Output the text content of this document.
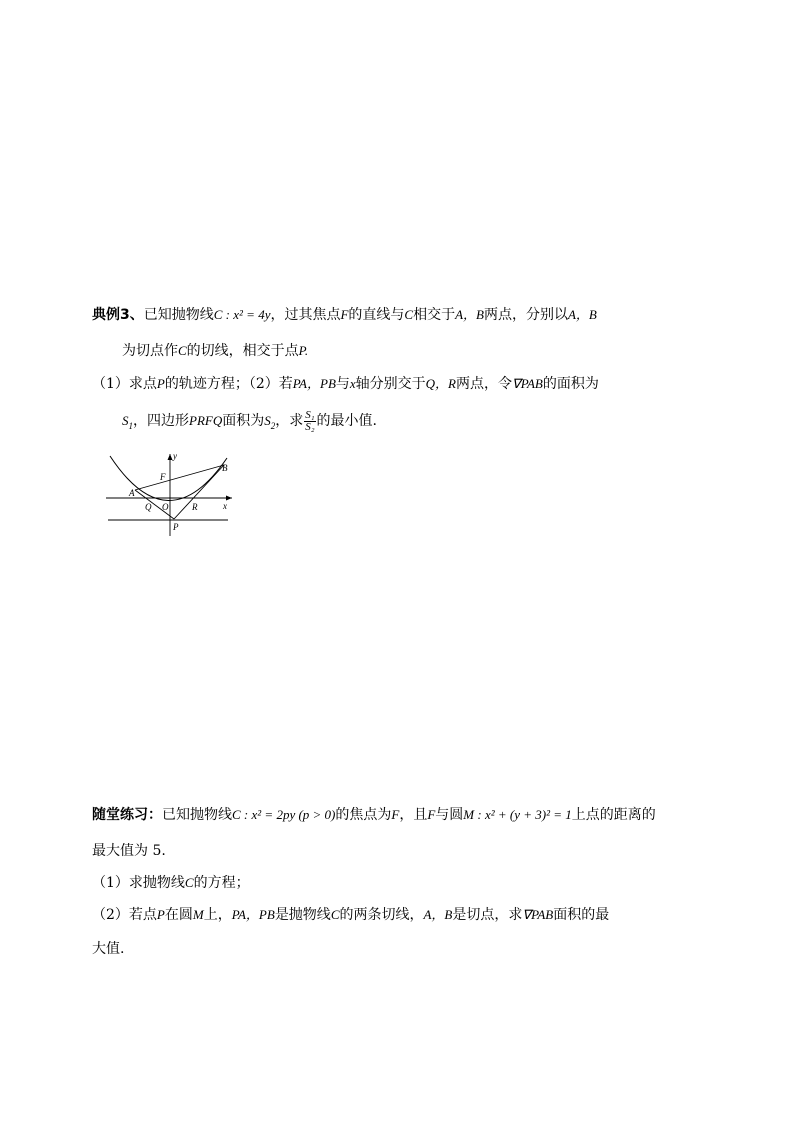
典例3、已知抛物线C : x² = 4y，过其焦点F的直线与C相交于A，B两点，分别以A，B
为切点作C的切线，相交于点P.
（1）求点P的轨迹方程；（2）若PA，PB与x轴分别交于Q，R两点，令∇PAB的面积为
$S_1$，四边形PRFQ面积为$S_2$，求 $\frac{\text{S₁}}{\text{S₂}}$ 的最小值.
y
x
B
F
A
Q O	R
P
随堂练习：已知抛物线C : x² = 2py (p > 0)的焦点为F，且F与圆M : x² + (y + 3)² = 1上点的距离的
最大值为 5.
（1）求抛物线C的方程；
（2）若点P在圆M上，PA，PB是抛物线C的两条切线，A，B是切点，求∇PAB面积的最
大值.
